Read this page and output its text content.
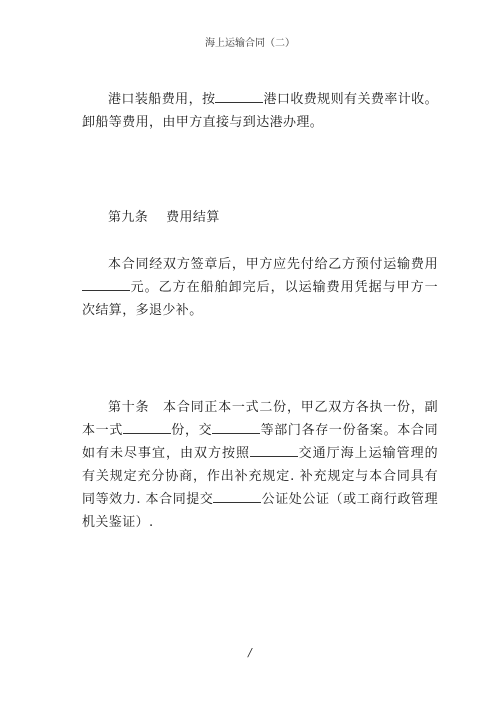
海上运输合同（二）

港口装船费用，按	港口收费规则有关费率计收。卸船等费用，由甲方直接与到达港办理。

第九条　 费用结算

本合同经双方签章后，甲方应先付给乙方预付运输费用元。乙方在船舶卸完后，以运输费用凭据与甲方一次结算，多退少补。

第十条　本合同正本一式二份，甲乙双方各执一份，副本一式	份，交	等部门各存一份备案。本合同如有未尽事宜，由双方按照	交通厅海上运输管理的有关规定充分协商，作出补充规定. 补充规定与本合同具有同等效力. 本合同提交	公证处公证（或工商行政管理机关鉴证）.

/
